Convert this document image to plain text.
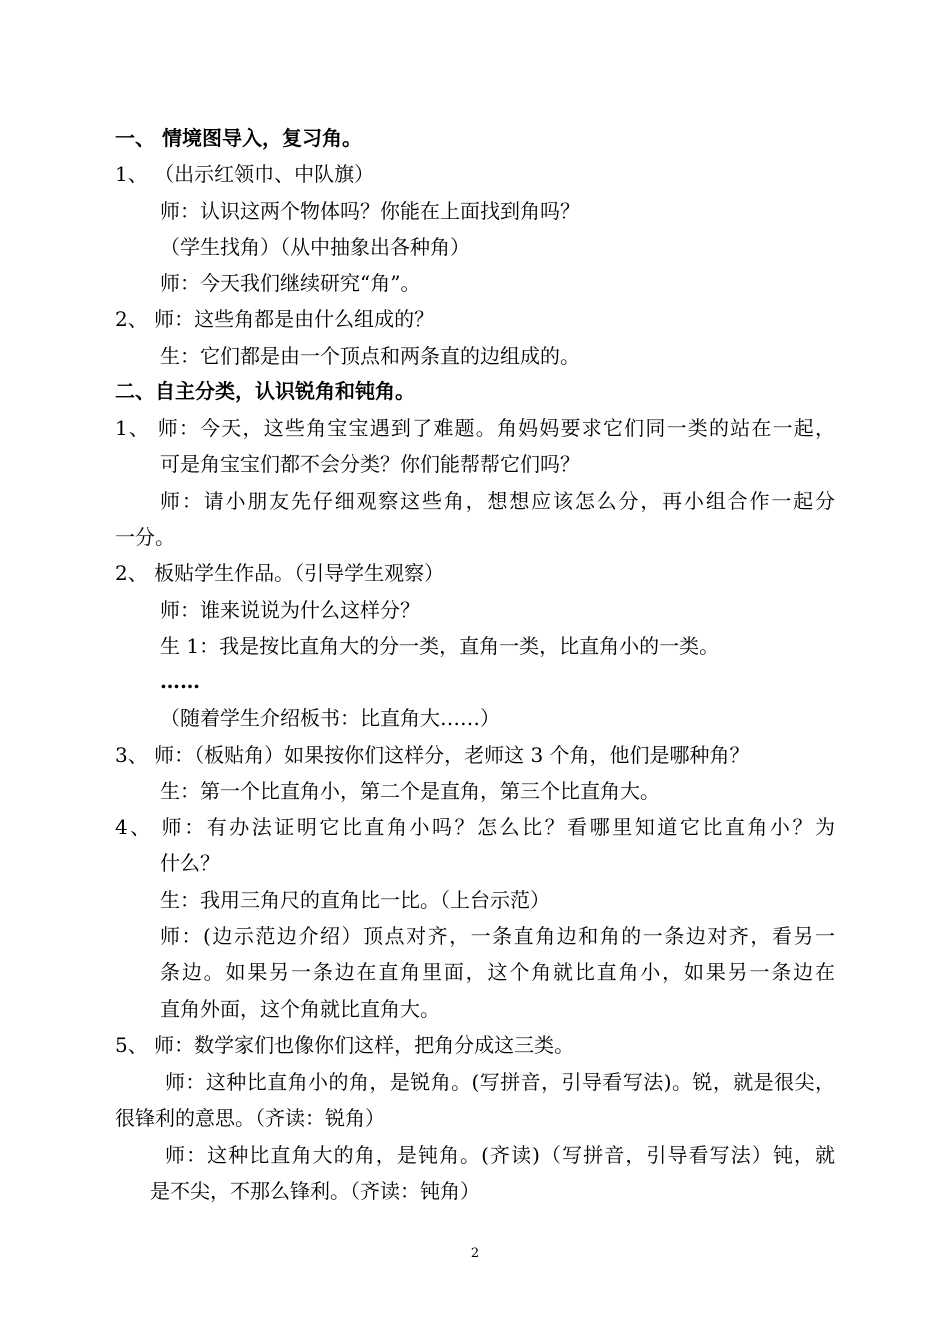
一、 情境图导入，复习角。
1、 （出示红领巾、中队旗）
师：认识这两个物体吗？你能在上面找到角吗？
（学生找角）（从中抽象出各种角）
师：今天我们继续研究“角”。
2、 师：这些角都是由什么组成的？
生：它们都是由一个顶点和两条直的边组成的。
二、自主分类，认识锐角和钝角。
1、 师：今天，这些角宝宝遇到了难题。角妈妈要求它们同一类的站在一起，
可是角宝宝们都不会分类？你们能帮帮它们吗？
师：请小朋友先仔细观察这些角，想想应该怎么分，再小组合作一起分
一分。
2、 板贴学生作品。（引导学生观察）
师：谁来说说为什么这样分？
生 1：我是按比直角大的分一类，直角一类，比直角小的一类。
……
（随着学生介绍板书：比直角大……）
3、 师：（板贴角）如果按你们这样分，老师这 3 个角，他们是哪种角？
生：第一个比直角小，第二个是直角，第三个比直角大。
4、 师：有办法证明它比直角小吗？怎么比？看哪里知道它比直角小？为
什么？
生：我用三角尺的直角比一比。（上台示范）
师：(边示范边介绍）顶点对齐，一条直角边和角的一条边对齐，看另一
条边。如果另一条边在直角里面，这个角就比直角小，如果另一条边在
直角外面，这个角就比直角大。
5、 师：数学家们也像你们这样，把角分成这三类。
师：这种比直角小的角，是锐角。(写拼音，引导看写法)。锐，就是很尖，
很锋利的意思。（齐读：锐角）
师：这种比直角大的角，是钝角。(齐读)（写拼音，引导看写法）钝，就
是不尖，不那么锋利。（齐读：钝角）
2
